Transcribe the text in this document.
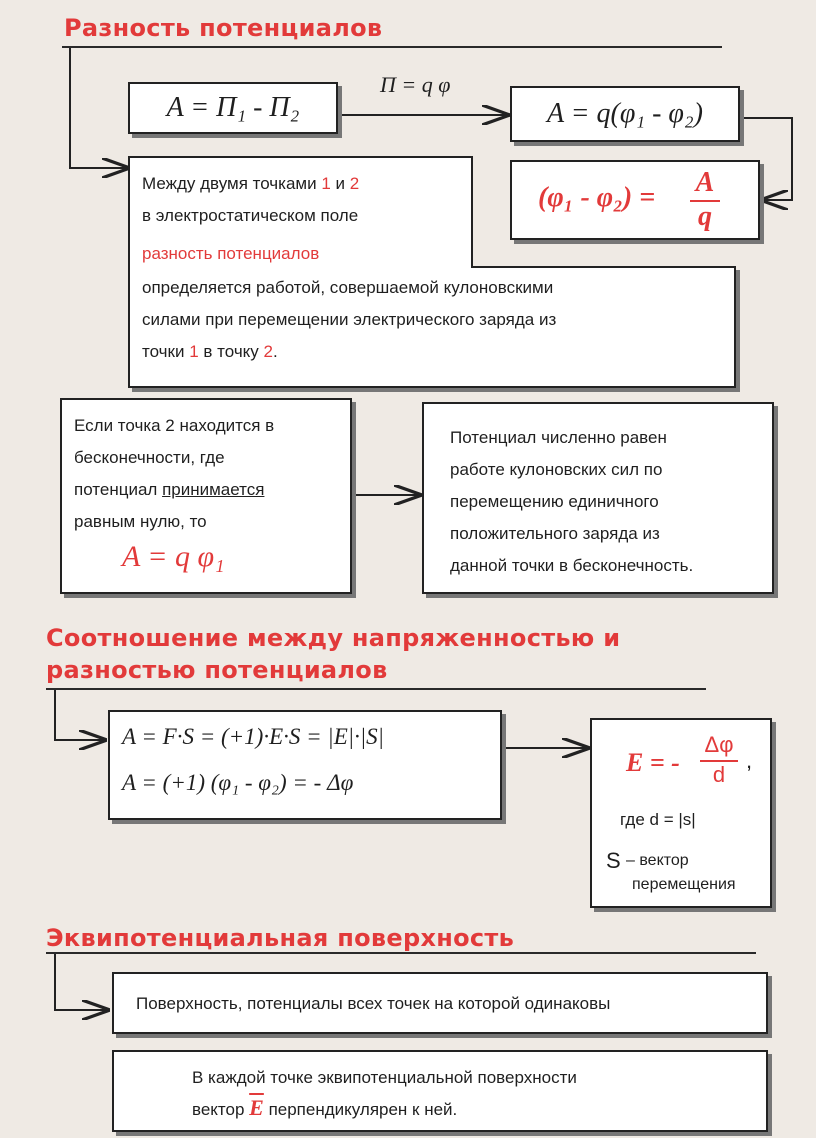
Разность потенциалов
A = П₁ - П₂
П = q φ
A = q(φ₁ - φ₂)
(φ₁ - φ₂) = A
q
Между двумя точками 1 и 2
в электростатическом поле
разность потенциалов
определяется работой, совершаемой кулоновскими
силами при перемещении электрического заряда из
точки 1 в точку 2.
Если точка 2 находится в
бесконечности, где
потенциал принимается
равным нулю, то
A = q φ₁
Потенциал численно равен
работе кулоновских сил по
перемещению единичного
положительного заряда из
данной точки в бесконечность.
Соотношение между напряженностью и
разностью потенциалов
A = F·S = (+1)·E·S = |E|·|S|
A = (+1) (φ₁ - φ₂) = - Δφ
E = -
Δφ
d
,
где d = |s|
S – вектор
перемещения
Эквипотенциальная поверхность
Поверхность, потенциалы всех точек на которой одинаковы
В каждой точке эквипотенциальной поверхности
вектор $\overline{E}$ перпендикулярен к ней.
